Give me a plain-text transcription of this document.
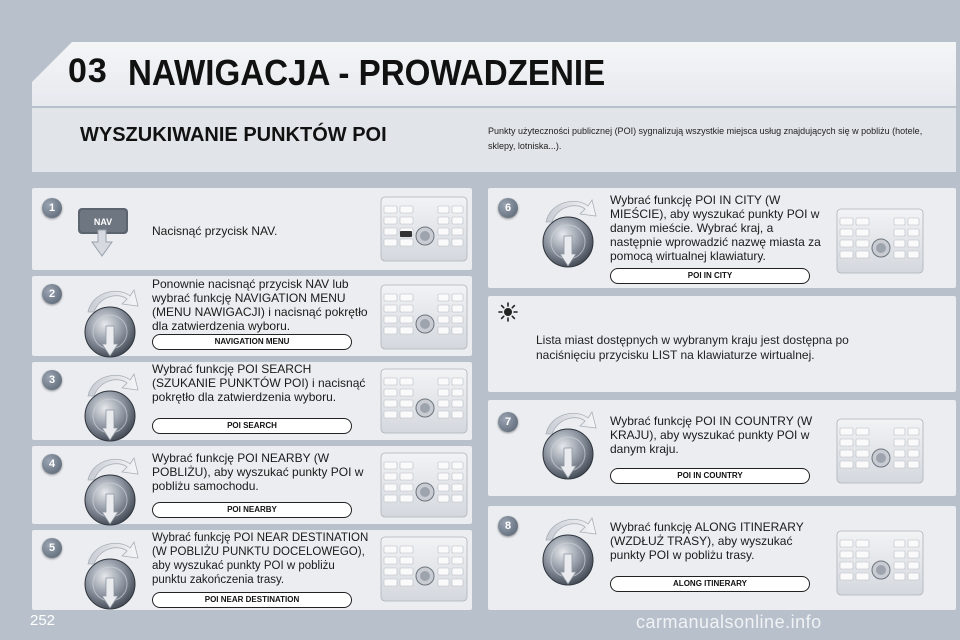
03 NAWIGACJA - PROWADZENIE
WYSZUKIWANIE PUNKTÓW POI	Punkty użyteczności publicznej (POI) sygnalizują wszystkie miejsca usług znajdujących się w pobliżu (hotele, sklepy, lotniska...).
1
NAV
Nacisnąć przycisk NAV.
2
Ponownie nacisnąć przycisk NAV lub wybrać funkcję NAVIGATION MENU (MENU NAWIGACJI) i nacisnąć pokrętło dla zatwierdzenia wyboru.
NAVIGATION MENU
3
Wybrać funkcję POI SEARCH (SZUKANIE PUNKTÓW POI) i nacisnąć pokrętło dla zatwierdzenia wyboru.
POI SEARCH
4	Wybrać funkcję POI NEARBY (W POBLIŻU), aby wyszukać punkty POI w pobliżu samochodu.
POI NEARBY
5
Wybrać funkcję POI NEAR DESTINATION (W POBLIŻU PUNKTU DOCELOWEGO), aby wyszukać punkty POI w pobliżu punktu zakończenia trasy.
POI NEAR DESTINATION
6
Wybrać funkcję POI IN CITY (W MIEŚCIE), aby wyszukać punkty POI w danym mieście. Wybrać kraj, a następnie wprowadzić nazwę miasta za pomocą wirtualnej klawiatury.
POI IN CITY
Lista miast dostępnych w wybranym kraju jest dostępna po naciśnięciu przycisku LIST na klawiaturze wirtualnej.
7	Wybrać funkcję POI IN COUNTRY (W KRAJU), aby wyszukać punkty POI w danym kraju.
POI IN COUNTRY
8	Wybrać funkcję ALONG ITINERARY (WZDŁUŻ TRASY), aby wyszukać punkty POI w pobliżu trasy.
ALONG ITINERARY
252	carmanualsonline.info
